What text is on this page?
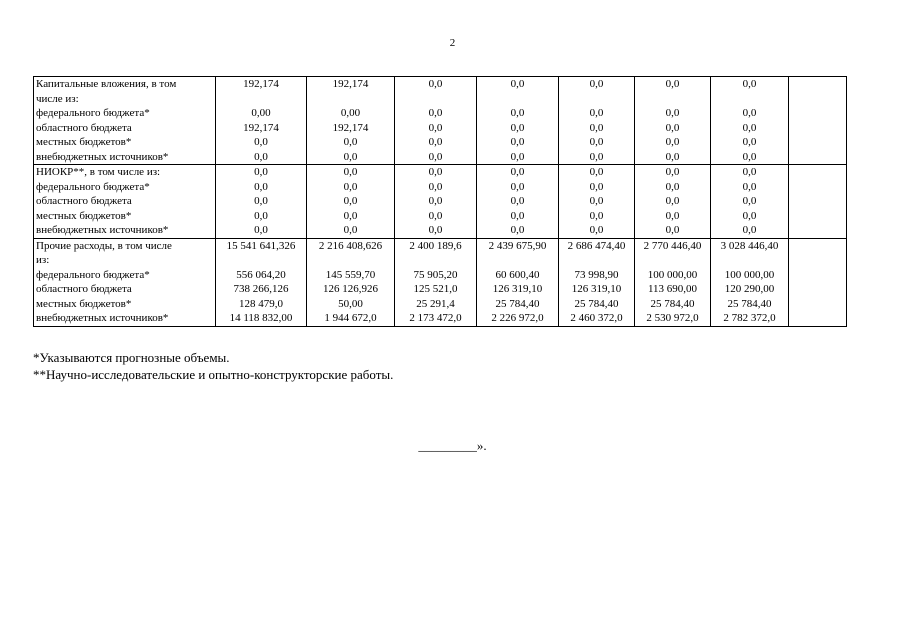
2
Капитальные вложения, в том	192,174	192,174	0,0	0,0	0,0	0,0	0,0	
числе из:								
федерального бюджета*	0,00	0,00	0,0	0,0	0,0	0,0	0,0	
областного бюджета	192,174	192,174	0,0	0,0	0,0	0,0	0,0	
местных бюджетов*	0,0	0,0	0,0	0,0	0,0	0,0	0,0	
внебюджетных источников*	0,0	0,0	0,0	0,0	0,0	0,0	0,0	
НИОКР**, в том числе из:	0,0	0,0	0,0	0,0	0,0	0,0	0,0	
федерального бюджета*	0,0	0,0	0,0	0,0	0,0	0,0	0,0	
областного бюджета	0,0	0,0	0,0	0,0	0,0	0,0	0,0	
местных бюджетов*	0,0	0,0	0,0	0,0	0,0	0,0	0,0	
внебюджетных источников*	0,0	0,0	0,0	0,0	0,0	0,0	0,0	
Прочие расходы, в том числе	15 541 641,326	2 216 408,626	2 400 189,6	2 439 675,90	2 686 474,40	2 770 446,40	3 028 446,40	
из:								
федерального бюджета*	556 064,20	145 559,70	75 905,20	60 600,40	73 998,90	100 000,00	100 000,00	
областного бюджета	738 266,126	126 126,926	125 521,0	126 319,10	126 319,10	113 690,00	120 290,00	
местных бюджетов*	128 479,0	50,00	25 291,4	25 784,40	25 784,40	25 784,40	25 784,40	
внебюджетных источников*	14 118 832,00	1 944 672,0	2 173 472,0	2 226 972,0	2 460 372,0	2 530 972,0	2 782 372,0	
*Указываются прогнозные объемы.
**Научно-исследовательские и опытно-конструкторские работы.
_________».
